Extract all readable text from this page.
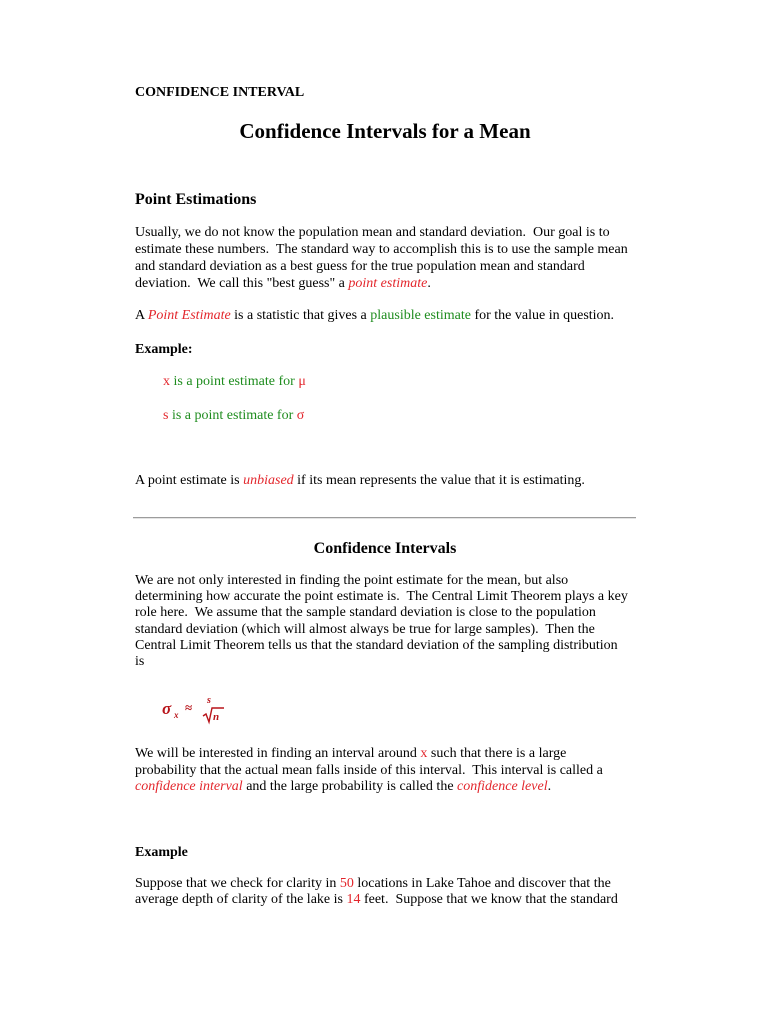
CONFIDENCE INTERVAL
Confidence Intervals for a Mean
Point Estimations
Usually, we do not know the population mean and standard deviation.  Our goal is to
estimate these numbers.  The standard way to accomplish this is to use the sample mean
and standard deviation as a best guess for the true population mean and standard
deviation.  We call this "best guess" a point estimate.
A Point Estimate is a statistic that gives a plausible estimate for the value in question.
Example:
x is a point estimate for μ
s is a point estimate for σ
A point estimate is unbiased if its mean represents the value that it is estimating.
Confidence Intervals
We are not only interested in finding the point estimate for the mean, but also
determining how accurate the point estimate is.  The Central Limit Theorem plays a key
role here.  We assume that the sample standard deviation is close to the population
standard deviation (which will almost always be true for large samples).  Then the
Central Limit Theorem tells us that the standard deviation of the sampling distribution
is
σ x ≈ s
n
We will be interested in finding an interval around x such that there is a large
probability that the actual mean falls inside of this interval.  This interval is called a
confidence interval and the large probability is called the confidence level.
Example
Suppose that we check for clarity in 50 locations in Lake Tahoe and discover that the
average depth of clarity of the lake is 14 feet.  Suppose that we know that the standard
